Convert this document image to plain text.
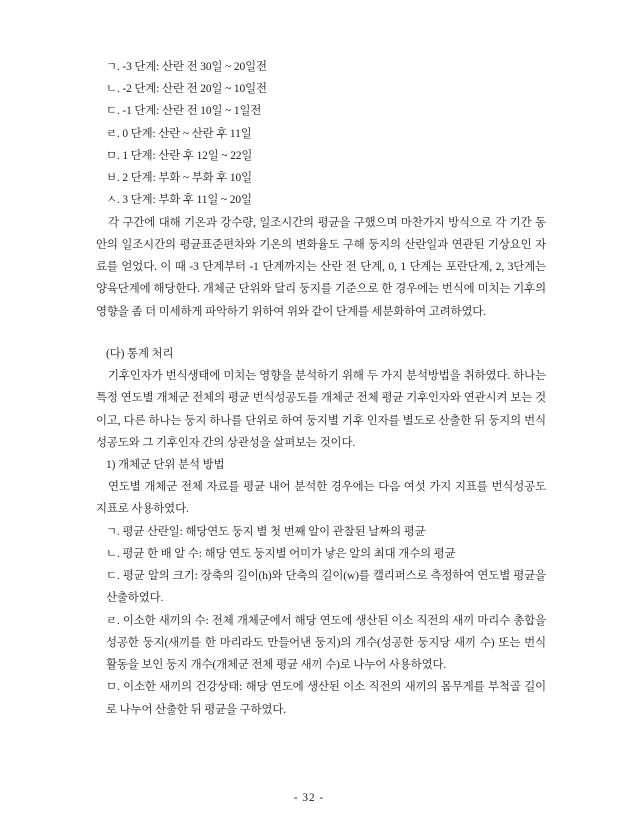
ㄱ. -3 단계: 산란 전 30일 ~ 20일전

ㄴ. -2 단계: 산란 전 20일 ~ 10일전

ㄷ. -1 단계: 산란 전 10일 ~ 1일전

ㄹ. 0 단계: 산란 ~ 산란 후 11일

ㅁ. 1 단계: 산란 후 12일 ~ 22일

ㅂ. 2 단계: 부화 ~ 부화 후 10일

ㅅ. 3 단계: 부화 후 11일 ~ 20일

각 구간에 대해 기온과 강수량, 일조시간의 평균을 구했으며 마찬가지 방식으로 각 기간 동안의 일조시간의 평균표준편차와 기온의 변화율도 구해 둥지의 산란일과 연관된 기상요인 자료를 얻었다. 이 때 -3 단계부터 -1 단계까지는 산란 전 단계, 0, 1 단계는 포란단계, 2, 3단계는 양육단계에 해당한다. 개체군 단위와 달리 둥지를 기준으로 한 경우에는 번식에 미치는 기후의 영향을 좀 더 미세하게 파악하기 위하여 위와 같이 단계를 세분화하여 고려하였다.

(다) 통계 처리

기후인자가 번식생태에 미치는 영향을 분석하기 위해 두 가지 분석방법을 취하였다. 하나는 특정 연도별 개체군 전체의 평균 번식성공도를 개체군 전체 평균 기후인자와 연관시켜 보는 것이고, 다른 하나는 둥지 하나를 단위로 하여 둥지별 기후 인자를 별도로 산출한 뒤 둥지의 번식성공도와 그 기후인자 간의 상관성을 살펴보는 것이다.

1) 개체군 단위 분석 방법

연도별 개체군 전체 자료를 평균 내어 분석한 경우에는 다음 여섯 가지 지표를 번식성공도 지표로 사용하였다.

ㄱ. 평균 산란일: 해당연도 둥지 별 첫 번째 알이 관찰된 날짜의 평균

ㄴ. 평균 한 배 알 수: 해당 연도 둥지별 어미가 낳은 알의 최대 개수의 평균

ㄷ. 평균 알의 크기: 장축의 길이(h)와 단축의 길이(w)를 캘리퍼스로 측정하여 연도별 평균을 산출하였다.

ㄹ. 이소한 새끼의 수: 전체 개체군에서 해당 연도에 생산된 이소 직전의 새끼 마리수 총합을 성공한 둥지(새끼를 한 마리라도 만들어낸 둥지)의 개수(성공한 둥지당 새끼 수) 또는 번식 활동을 보인 둥지 개수(개체군 전체 평균 새끼 수)로 나누어 사용하였다.

ㅁ. 이소한 새끼의 건강상태: 해당 연도에 생산된 이소 직전의 새끼의 몸무게를 부척골 길이로 나누어 산출한 뒤 평균을 구하였다.

- 32 -
